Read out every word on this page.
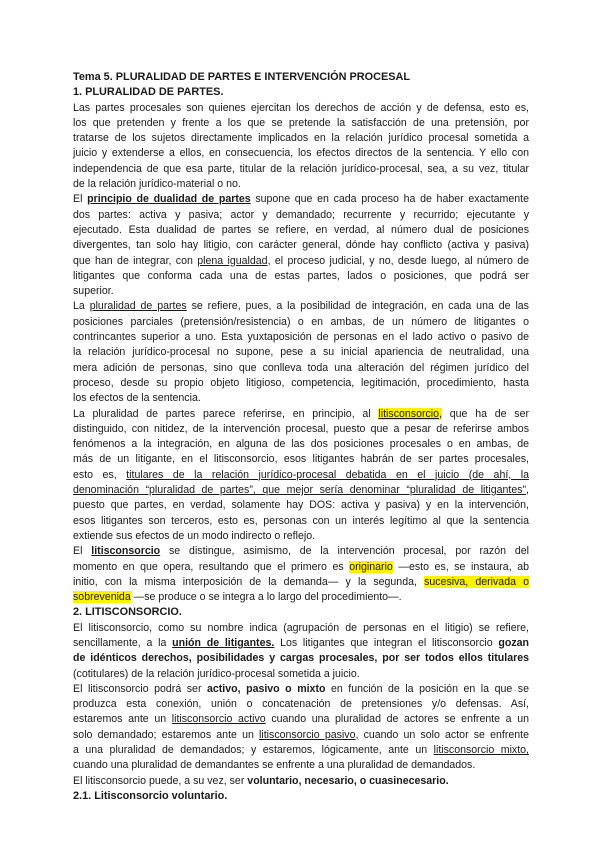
Tema 5. PLURALIDAD DE PARTES E INTERVENCIÓN PROCESAL
1. PLURALIDAD DE PARTES.
Las partes procesales son quienes ejercitan los derechos de acción y de defensa, esto es,
los que pretenden y frente a los que se pretende la satisfacción de una pretensión, por
tratarse de los sujetos directamente implicados en la relación jurídico procesal sometida a
juicio y extenderse a ellos, en consecuencia, los efectos directos de la sentencia. Y ello con
independencia de que esa parte, titular de la relación jurídico-procesal, sea, a su vez, titular
de la relación jurídico-material o no.
El principio de dualidad de partes supone que en cada proceso ha de haber exactamente
dos partes: activa y pasiva; actor y demandado; recurrente y recurrido; ejecutante y
ejecutado. Esta dualidad de partes se refiere, en verdad, al número dual de posiciones
divergentes, tan solo hay litigio, con carácter general, dónde hay conflicto (activa y pasiva)
que han de integrar, con plena igualdad, el proceso judicial, y no, desde luego, al número de
litigantes que conforma cada una de estas partes, lados o posiciones, que podrá ser
superior.
La pluralidad de partes se refiere, pues, a la posibilidad de integración, en cada una de las
posiciones parciales (pretensión/resistencia) o en ambas, de un número de litigantes o
contrincantes superior a uno. Esta yuxtaposición de personas en el lado activo o pasivo de
la relación jurídico-procesal no supone, pese a su inicial apariencia de neutralidad, una
mera adición de personas, sino que conlleva toda una alteración del régimen jurídico del
proceso, desde su propio objeto litigioso, competencia, legitimación, procedimiento, hasta
los efectos de la sentencia.
La pluralidad de partes parece referirse, en principio, al litisconsorcio, que ha de ser
distinguido, con nitidez, de la intervención procesal, puesto que a pesar de referirse ambos
fenómenos a la integración, en alguna de las dos posiciones procesales o en ambas, de
más de un litigante, en el litisconsorcio, esos litigantes habrán de ser partes procesales,
esto es, titulares de la relación jurídico-procesal debatida en el juicio (de ahí, la
denominación “pluralidad de partes”, que mejor sería denominar “pluralidad de litigantes”,
puesto que partes, en verdad, solamente hay DOS: activa y pasiva) y en la intervención,
esos litigantes son terceros, esto es, personas con un interés legítimo al que la sentencia
extiende sus efectos de un modo indirecto o reflejo.
El litisconsorcio se distingue, asimismo, de la intervención procesal, por razón del
momento en que opera, resultando que el primero es originario —esto es, se instaura, ab
initio, con la misma interposición de la demanda— y la segunda, sucesiva, derivada o
sobrevenida —se produce o se integra a lo largo del procedimiento—.
2. LITISCONSORCIO.
El litisconsorcio, como su nombre indica (agrupación de personas en el litigio) se refiere,
sencillamente, a la unión de litigantes. Los litigantes que integran el litisconsorcio gozan
de idénticos derechos, posibilidades y cargas procesales, por ser todos ellos titulares
(cotitulares) de la relación jurídico-procesal sometida a juicio.
El litisconsorcio podrá ser activo, pasivo o mixto en función de la posición en la que se
produzca esta conexión, unión o concatenación de pretensiones y/o defensas. Así,
estaremos ante un litisconsorcio activo cuando una pluralidad de actores se enfrente a un
solo demandado; estaremos ante un litisconsorcio pasivo, cuando un solo actor se enfrente
a una pluralidad de demandados; y estaremos, lógicamente, ante un litisconsorcio mixto,
cuando una pluralidad de demandantes se enfrente a una pluralidad de demandados.
El litisconsorcio puede, a su vez, ser voluntario, necesario, o cuasinecesario.
2.1. Litisconsorcio voluntario.
